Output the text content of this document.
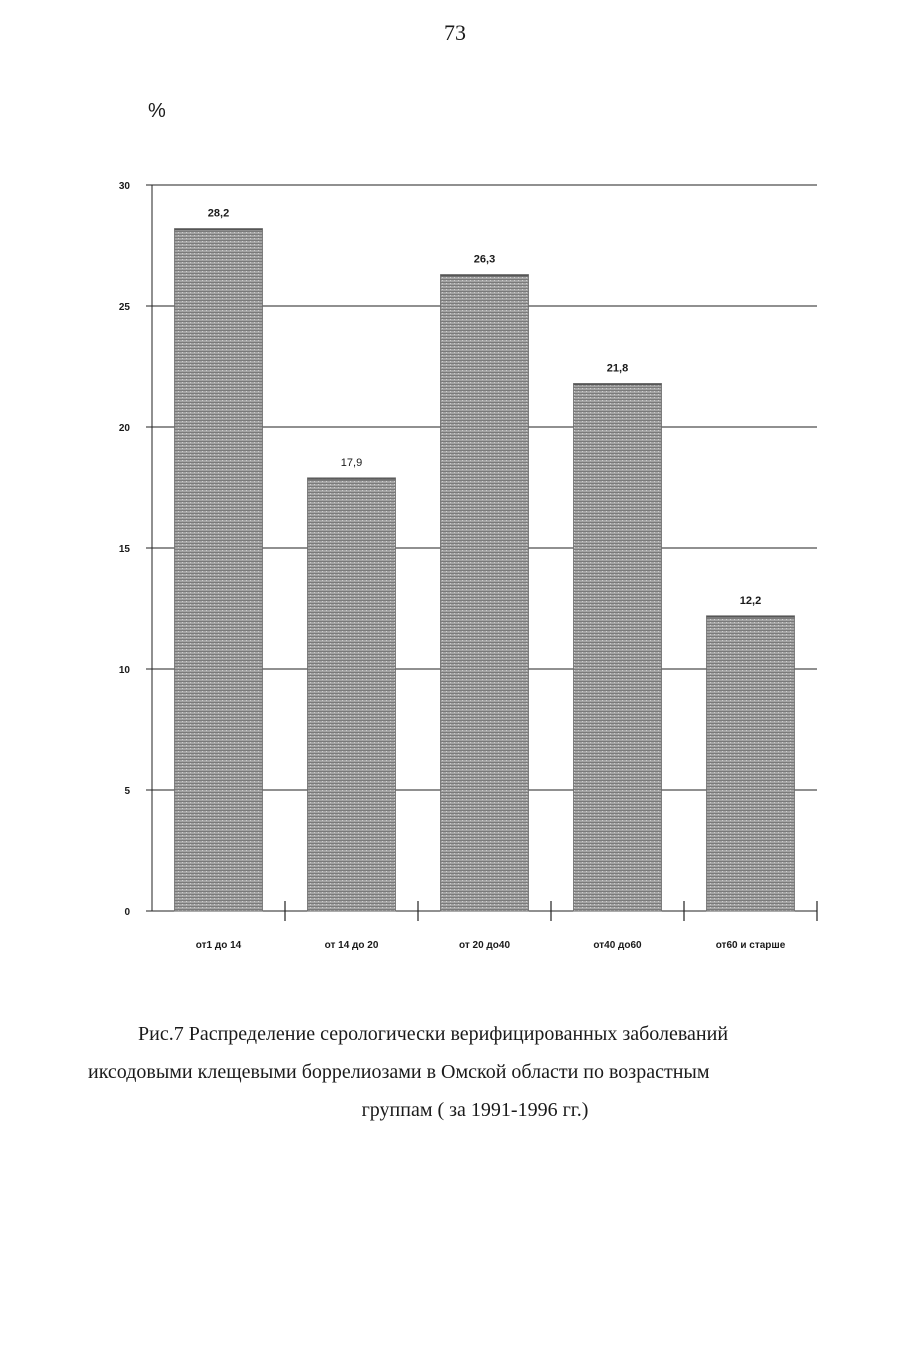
73
%
0
5
10
15
20
25
30
28,2
от1 до 14
17,9
от 14 до 20
26,3
от 20 до40
21,8
от40 до60
12,2
от60 и старше
Рис.7 Распределение серологически верифицированных заболеваний
иксодовыми клещевыми боррелиозами в Омской области по возрастным
группам ( за 1991-1996 гг.)
